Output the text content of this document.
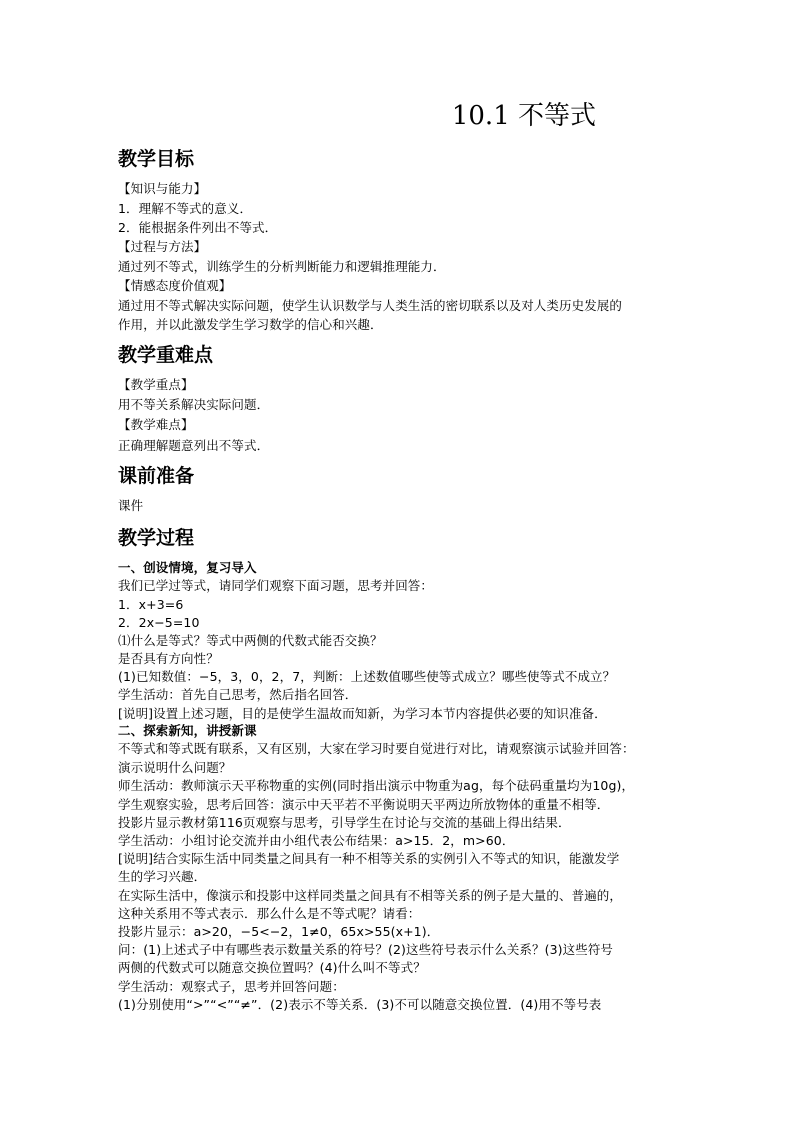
10.1 不等式
教学目标
【知识与能力】
1．理解不等式的意义．
2．能根据条件列出不等式．
【过程与方法】
通过列不等式，训练学生的分析判断能力和逻辑推理能力．
【情感态度价值观】
通过用不等式解决实际问题，使学生认识数学与人类生活的密切联系以及对人类历史发展的
作用，并以此激发学生学习数学的信心和兴趣．
教学重难点
【教学重点】
用不等关系解决实际问题．
【教学难点】
正确理解题意列出不等式．
课前准备
课件
教学过程
一、创设情境，复习导入
我们已学过等式，请同学们观察下面习题，思考并回答：
1．x+3=6
2．2x−5=10
⑴什么是等式？等式中两侧的代数式能否交换？
是否具有方向性？
(1)已知数值：−5，3，0，2，7，判断：上述数值哪些使等式成立？哪些使等式不成立？
学生活动：首先自己思考，然后指名回答．
[说明]设置上述习题，目的是使学生温故而知新，为学习本节内容提供必要的知识准备．
二、探索新知，讲授新课
不等式和等式既有联系，又有区别，大家在学习时要自觉进行对比，请观察演示试验并回答：
演示说明什么问题？
师生活动：教师演示天平称物重的实例(同时指出演示中物重为ag，每个砝码重量均为10g)，
学生观察实验，思考后回答：演示中天平若不平衡说明天平两边所放物体的重量不相等．
投影片显示教材第116页观察与思考，引导学生在讨论与交流的基础上得出结果．
学生活动：小组讨论交流并由小组代表公布结果：a>15．2，m>60．
[说明]结合实际生活中同类量之间具有一种不相等关系的实例引入不等式的知识，能激发学
生的学习兴趣．
在实际生活中，像演示和投影中这样同类量之间具有不相等关系的例子是大量的、普遍的，
这种关系用不等式表示．那么什么是不等式呢？请看：
投影片显示：a>20，−5<−2，1≠0，65x>55(x+1)．
问：(1)上述式子中有哪些表示数量关系的符号？(2)这些符号表示什么关系？(3)这些符号
两侧的代数式可以随意交换位置吗？(4)什么叫不等式？
学生活动：观察式子，思考并回答问题：
(1)分别使用“>”“<”“≠”．(2)表示不等关系．(3)不可以随意交换位置．(4)用不等号表
